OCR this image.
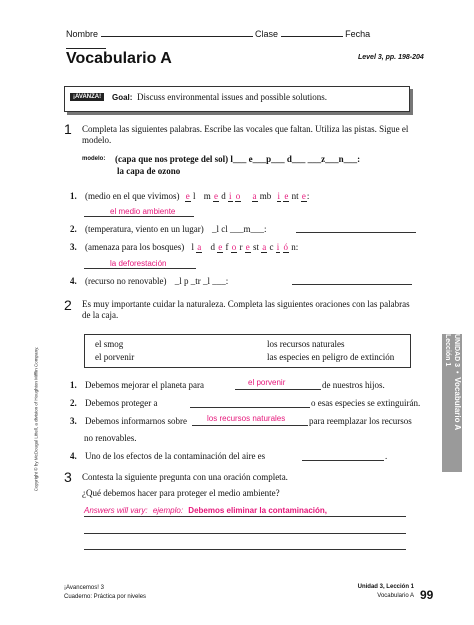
Nombre	Clase	Fecha
Vocabulario A	Level 3, pp. 198-204
¡AVANZA!	Goal: Discuss environmental issues and possible solutions.
1 Completa las siguientes palabras. Escribe las vocales que faltan. Utiliza las pistas. Sigue el modelo.
modelo: (capa que nos protege del sol) l___ e___p___ d___ ___z___n___:
la capa de ozono
1. (medio en el que vivimos) e l m e d i o a mb i e nt e:
el medio ambiente
2. (temperatura, viento en un lugar) _l cl ___m___:
3. (amenaza para los bosques) l a d e f o r e st a c i ó n:
la deforestación
4. (recurso no renovable) _l p _tr _l ___:
2 Es muy importante cuidar la naturaleza. Completa las siguientes oraciones con las palabras de la caja.
el smog	los recursos naturales
el porvenir	las especies en peligro de extinción
1. Debemos mejorar el planeta para	el porvenir	de nuestros hijos.
2. Debemos proteger a	o esas especies se extinguirán.
3. Debemos informarnos sobre	los recursos naturales	para reemplazar los recursos
no renovables.
4. Uno de los efectos de la contaminación del aire es	.
3 Contesta la siguiente pregunta con una oración completa.
¿Qué debemos hacer para proteger el medio ambiente?
Answers will vary: ejemplo: Debemos eliminar la contaminación,
UNIDAD 3  •  Vocabulario A
Lección 1
Copyright © by McDougal Littell, a division of Houghton Mifflin Company.
¡Avancemos! 3
Cuaderno: Práctica por niveles
Unidad 3, Lección 1
Vocabulario A 99
